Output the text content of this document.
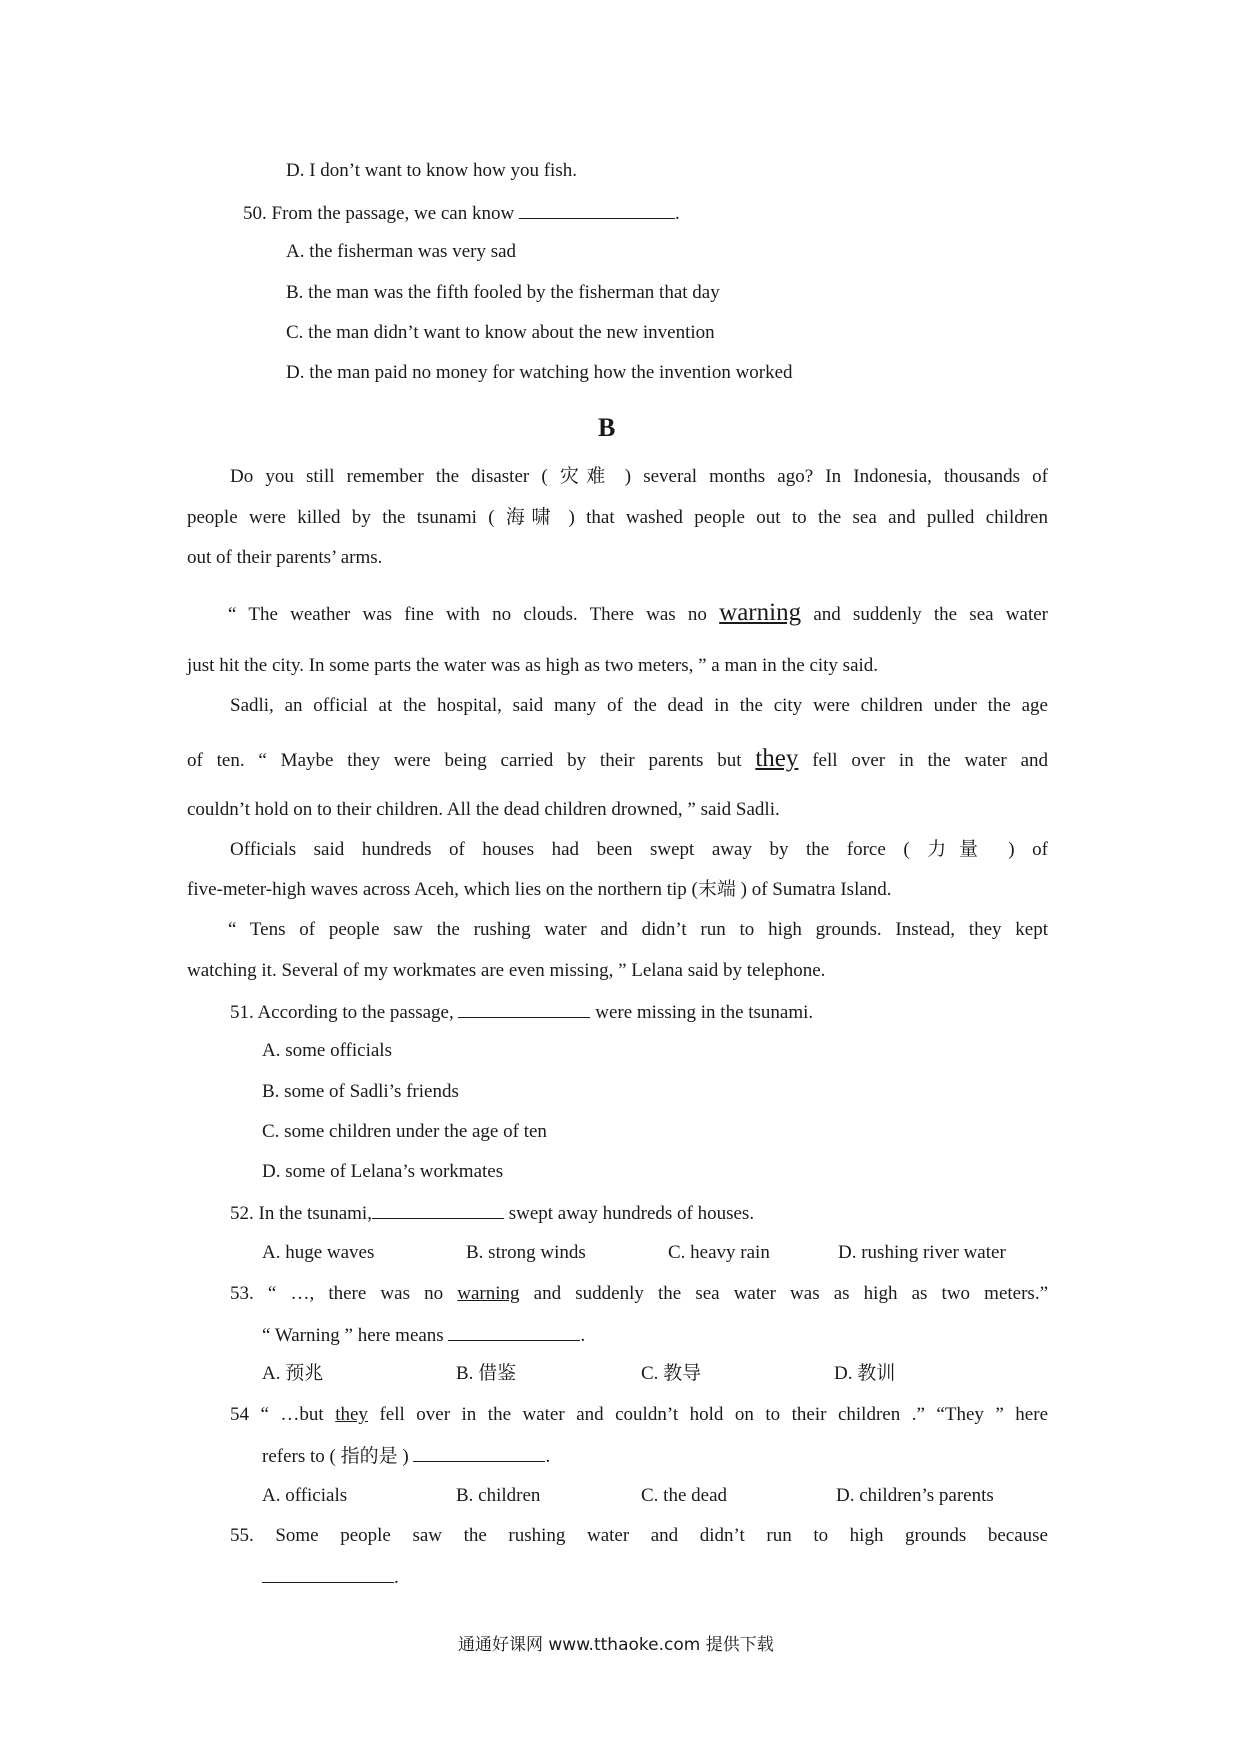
D. I don’t want to know how you fish.
50. From the passage, we can know	.
A. the fisherman was very sad
B. the man was the fifth fooled by the fisherman that day
C. the man didn’t want to know about the new invention
D. the man paid no money for watching how the invention worked
B
Do you still remember the disaster ( 灾难 ) several months ago? In Indonesia, thousands of
people were killed by the tsunami ( 海啸 ) that washed people out to the sea and pulled children
out of their parents’ arms.
“ The weather was fine with no clouds. There was no warning and suddenly the sea water
just hit the city. In some parts the water was as high as two meters, ” a man in the city said.
Sadli, an official at the hospital, said many of the dead in the city were children under the age
of ten. “ Maybe they were being carried by their parents but they fell over in the water and
couldn’t hold on to their children. All the dead children drowned, ” said Sadli.
Officials said hundreds of houses had been swept away by the force ( 力量 ) of
five-meter-high waves across Aceh, which lies on the northern tip (末端 ) of Sumatra Island.
“ Tens of people saw the rushing water and didn’t run to high grounds. Instead, they kept
watching it. Several of my workmates are even missing, ” Lelana said by telephone.
51. According to the passage,	were missing in the tsunami.
A. some officials
B. some of Sadli’s friends
C. some children under the age of ten
D. some of Lelana’s workmates
52. In the tsunami,	swept away hundreds of houses.
A. huge waves	B. strong winds	C. heavy rain	D. rushing river water
53. “ …, there was no warning and suddenly the sea water was as high as two meters.”
“ Warning ” here means	.
A. 预兆	B. 借鉴	C. 教导	D. 教训
54 “ …but they fell over in the water and couldn’t hold on to their children .” “They ” here
refers to ( 指的是 )	.
A. officials	B. children	C. the dead	D. children’s parents
55. Some people saw the rushing water and didn’t run to high grounds because
.
通通好课网 www.tthaoke.com 提供下载
